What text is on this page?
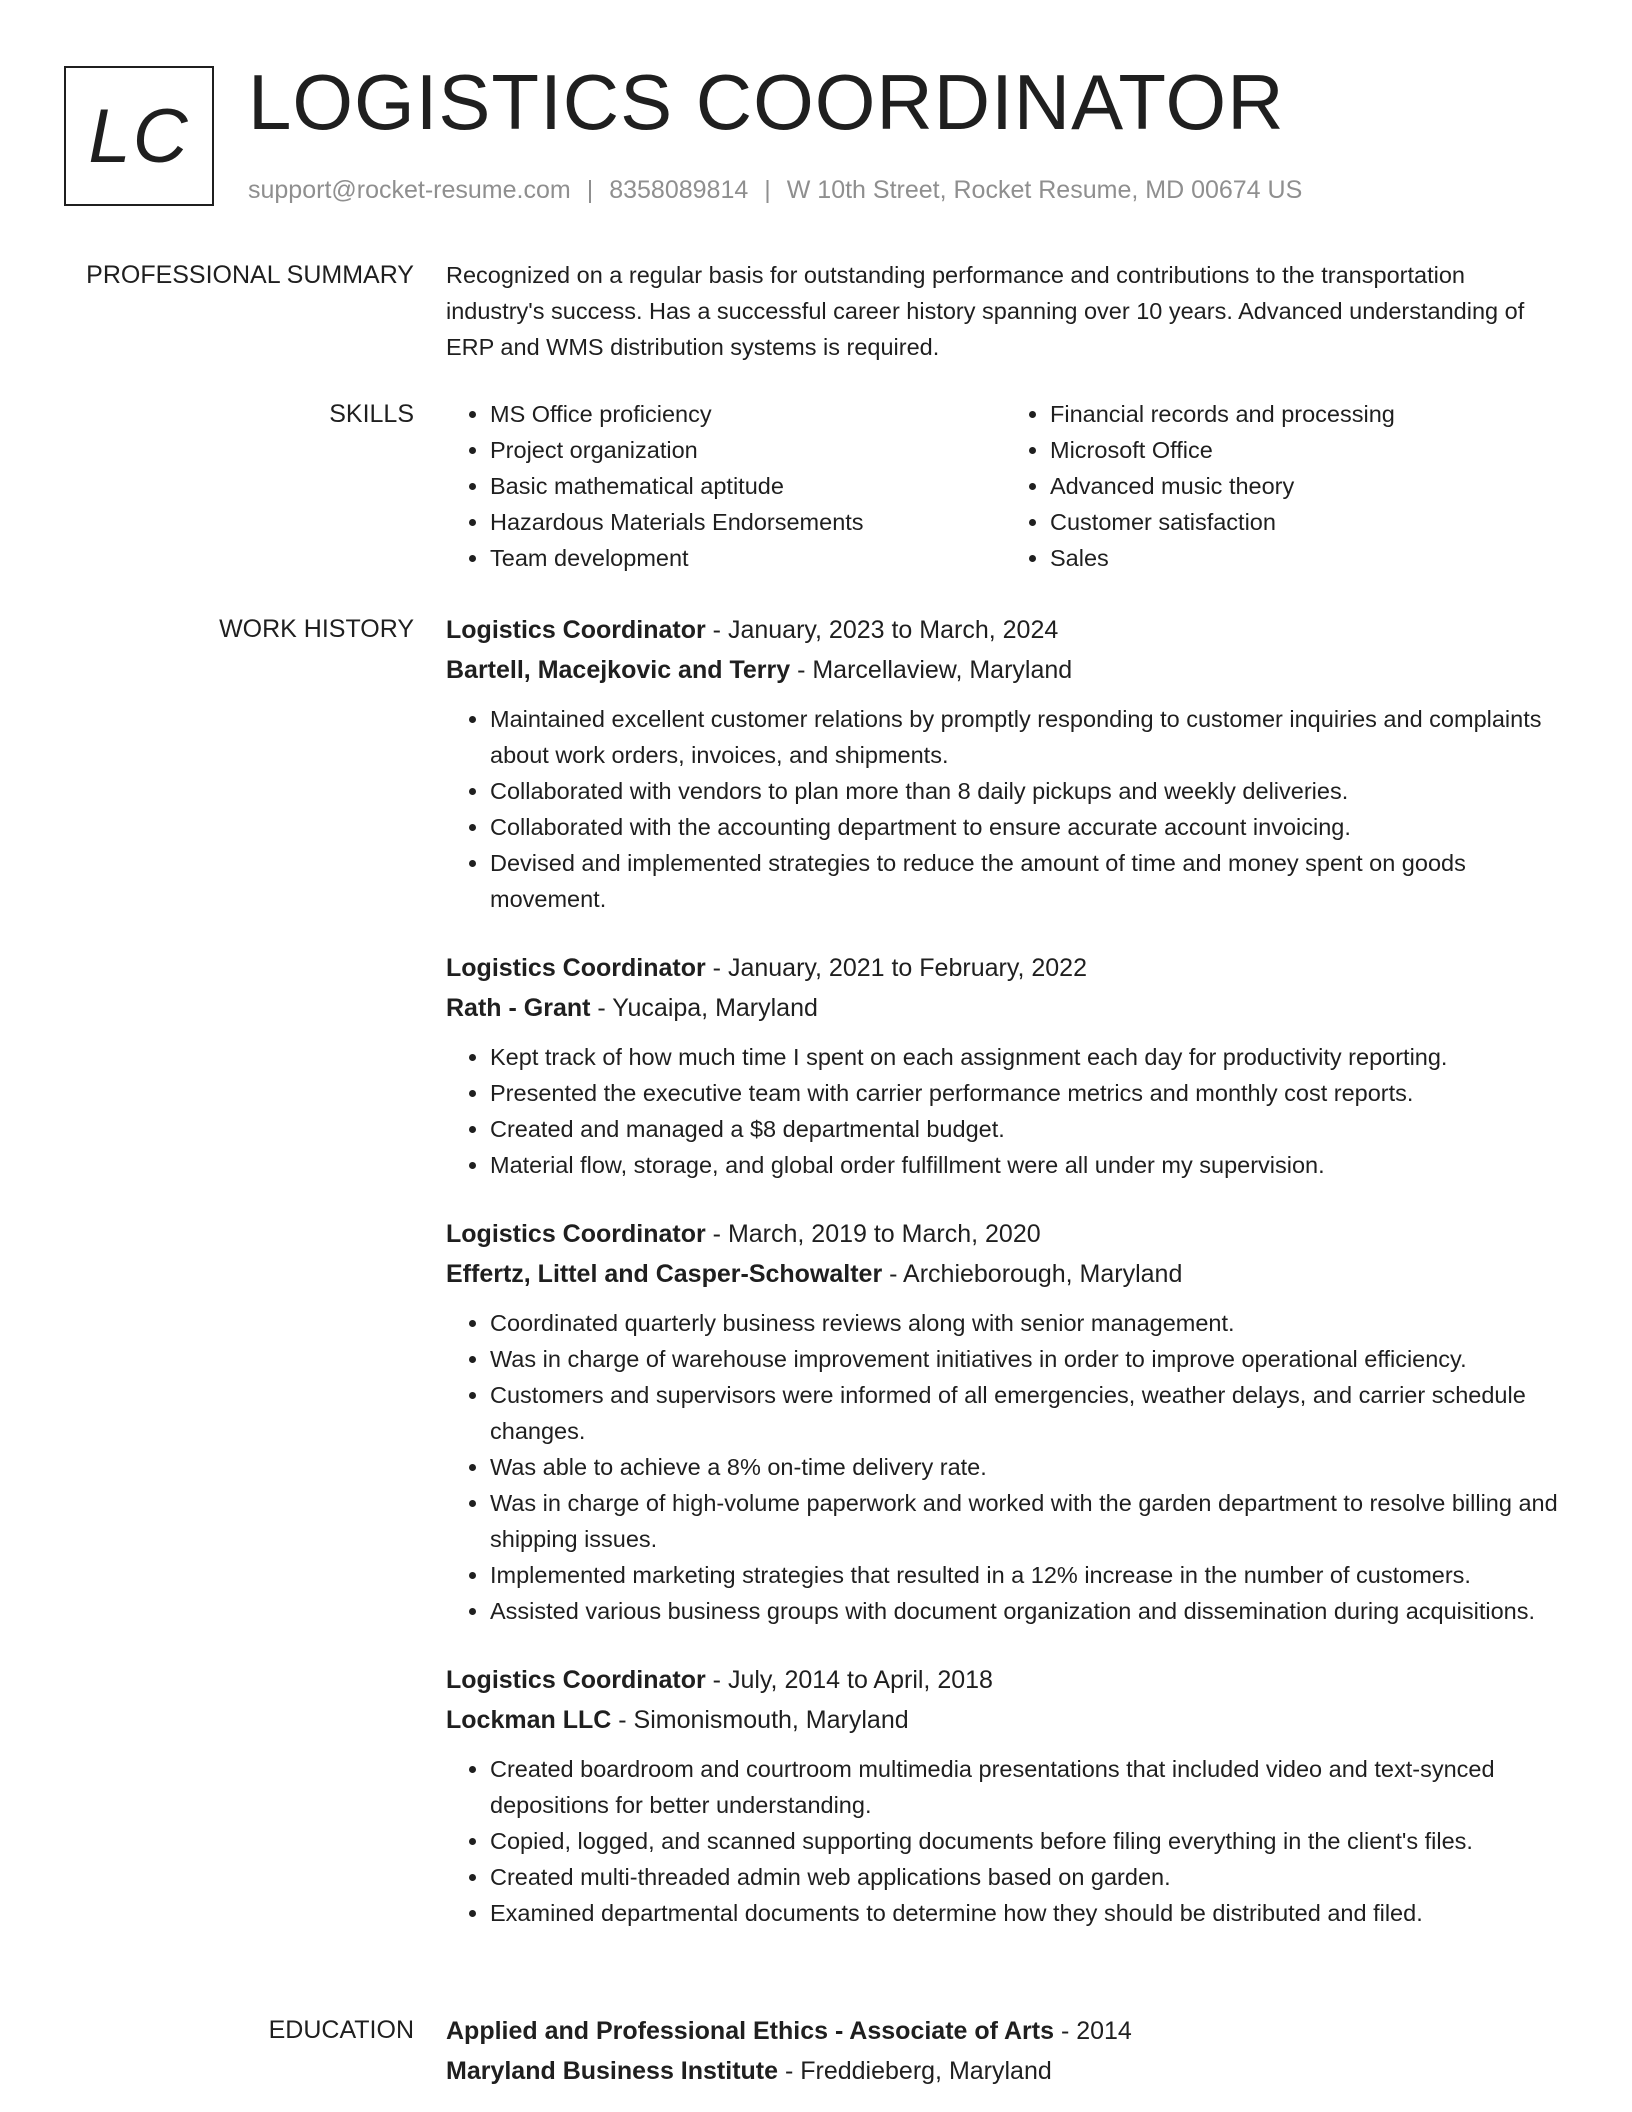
LC LOGISTICS COORDINATOR
support@rocket-resume.com | 8358089814 | W 10th Street, Rocket Resume, MD 00674 US
PROFESSIONAL SUMMARY Recognized on a regular basis for outstanding performance and contributions to the transportation industry's success. Has a successful career history spanning over 10 years. Advanced understanding of ERP and WMS distribution systems is required.

SKILLS
•	MS Office proficiency
• Project organization
• Basic mathematical aptitude
• Hazardous Materials Endorsements
• Team development
• Financial records and processing
• Microsoft Office
• Advanced music theory
• Customer satisfaction
• Sales
WORK HISTORY Logistics Coordinator - January, 2023 to March, 2024
Bartell, Macejkovic and Terry - Marcellaview, Maryland
• Maintained excellent customer relations by promptly responding to customer inquiries and complaints about work orders, invoices, and shipments.
• Collaborated with vendors to plan more than 8 daily pickups and weekly deliveries.
• Collaborated with the accounting department to ensure accurate account invoicing.
• Devised and implemented strategies to reduce the amount of time and money spent on goods movement.
Logistics Coordinator - January, 2021 to February, 2022
Rath - Grant - Yucaipa, Maryland
• Kept track of how much time I spent on each assignment each day for productivity reporting.
• Presented the executive team with carrier performance metrics and monthly cost reports.
• Created and managed a $8 departmental budget.
• Material flow, storage, and global order fulfillment were all under my supervision.
Logistics Coordinator - March, 2019 to March, 2020
Effertz, Littel and Casper-Schowalter - Archieborough, Maryland
• Coordinated quarterly business reviews along with senior management.
• Was in charge of warehouse improvement initiatives in order to improve operational efficiency.
• Customers and supervisors were informed of all emergencies, weather delays, and carrier schedule changes.
• Was able to achieve a 8% on-time delivery rate.
• Was in charge of high-volume paperwork and worked with the garden department to resolve billing and shipping issues.
• Implemented marketing strategies that resulted in a 12% increase in the number of customers.
• Assisted various business groups with document organization and dissemination during acquisitions.
Logistics Coordinator - July, 2014 to April, 2018
Lockman LLC - Simonismouth, Maryland
• Created boardroom and courtroom multimedia presentations that included video and text-synced depositions for better understanding.
• Copied, logged, and scanned supporting documents before filing everything in the client's files.
• Created multi-threaded admin web applications based on garden.
• Examined departmental documents to determine how they should be distributed and filed.
EDUCATION Applied and Professional Ethics - Associate of Arts - 2014
Maryland Business Institute - Freddieberg, Maryland
